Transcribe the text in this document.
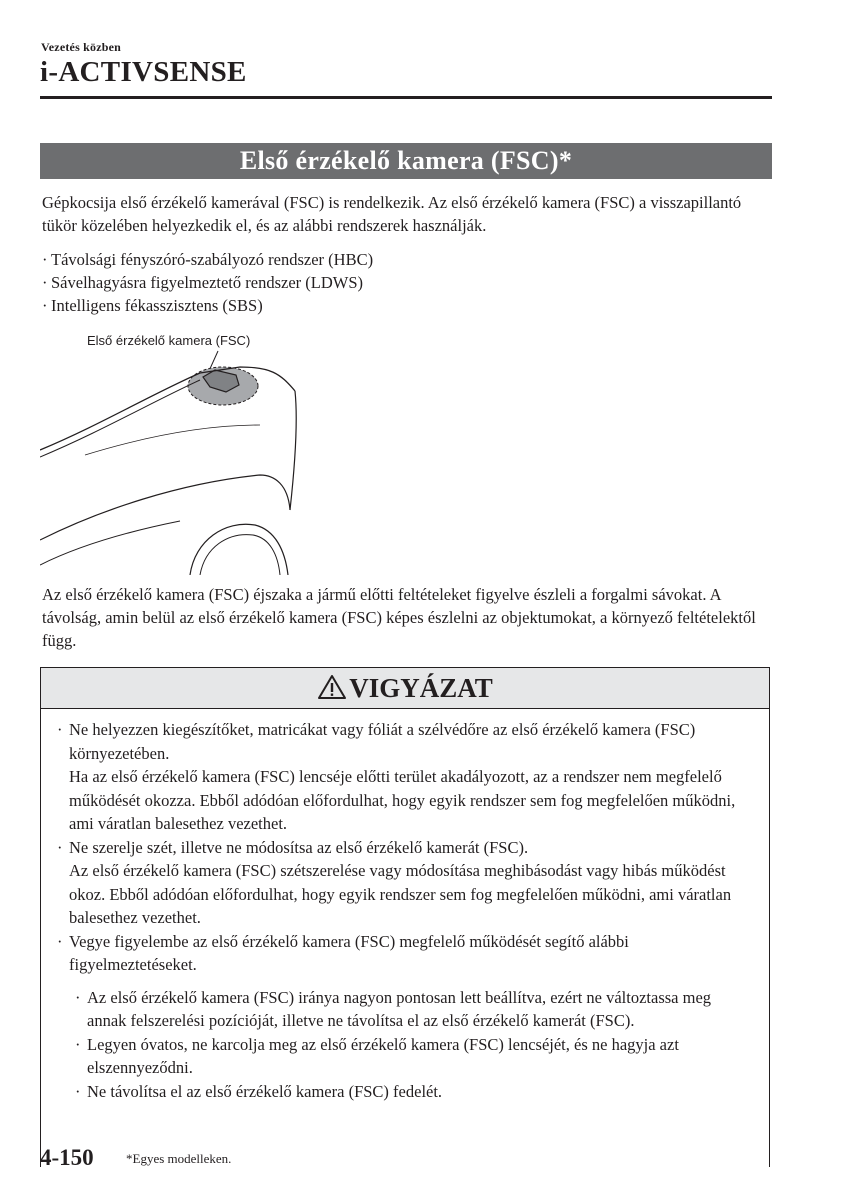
Vezetés közben
i-ACTIVSENSE
Első érzékelő kamera (FSC)*
Gépkocsija első érzékelő kamerával (FSC) is rendelkezik. Az első érzékelő kamera (FSC) a visszapillantó tükör közelében helyezkedik el, és az alábbi rendszerek használják.
· Távolsági fényszóró-szabályozó rendszer (HBC)
· Sávelhagyásra figyelmeztető rendszer (LDWS)
· Intelligens fékasszisztens (SBS)
Első érzékelő kamera (FSC)
Az első érzékelő kamera (FSC) éjszaka a jármű előtti feltételeket figyelve észleli a forgalmi sávokat. A távolság, amin belül az első érzékelő kamera (FSC) képes észlelni az objektumokat, a környező feltételektől függ.
VIGYÁZAT
· Ne helyezzen kiegészítőket, matricákat vagy fóliát a szélvédőre az első érzékelő kamera (FSC) környezetében.

Ha az első érzékelő kamera (FSC) lencséje előtti terület akadályozott, az a rendszer nem megfelelő működését okozza. Ebből adódóan előfordulhat, hogy egyik rendszer sem fog megfelelően működni, ami váratlan balesethez vezethet.

· Ne szerelje szét, illetve ne módosítsa az első érzékelő kamerát (FSC).

Az első érzékelő kamera (FSC) szétszerelése vagy módosítása meghibásodást vagy hibás működést okoz. Ebből adódóan előfordulhat, hogy egyik rendszer sem fog megfelelően működni, ami váratlan balesethez vezethet.

· Vegye figyelembe az első érzékelő kamera (FSC) megfelelő működését segítő alábbi figyelmeztetéseket.

· Az első érzékelő kamera (FSC) iránya nagyon pontosan lett beállítva, ezért ne változtassa meg annak felszerelési pozícióját, illetve ne távolítsa el az első érzékelő kamerát (FSC).

· Legyen óvatos, ne karcolja meg az első érzékelő kamera (FSC) lencséjét, és ne hagyja azt elszennyeződni.

· Ne távolítsa el az első érzékelő kamera (FSC) fedelét.

4-150 *Egyes modelleken.
